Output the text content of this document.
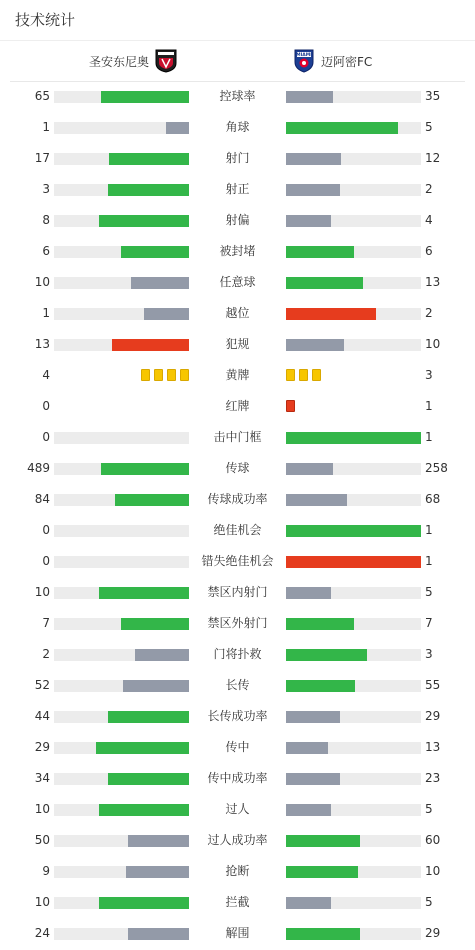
技术统计
圣安东尼奥	MIAMI 迈阿密FC
65	控球率	35
1	角球	5
17	射门	12
3	射正	2
8	射偏	4
6	被封堵	6
10	任意球	13
1	越位	2
13	犯规	10
4	黄牌	3
0	红牌	1
0	击中门框	1
489	传球	258
84	传球成功率	68
0	绝佳机会	1
0	错失绝佳机会	1
10	禁区内射门	5
7	禁区外射门	7
2	门将扑救	3
52	长传	55
44	长传成功率	29
29	传中	13
34	传中成功率	23
10	过人	5
50	过人成功率	60
9	抢断	10
10	拦截	5
24	解围	29
